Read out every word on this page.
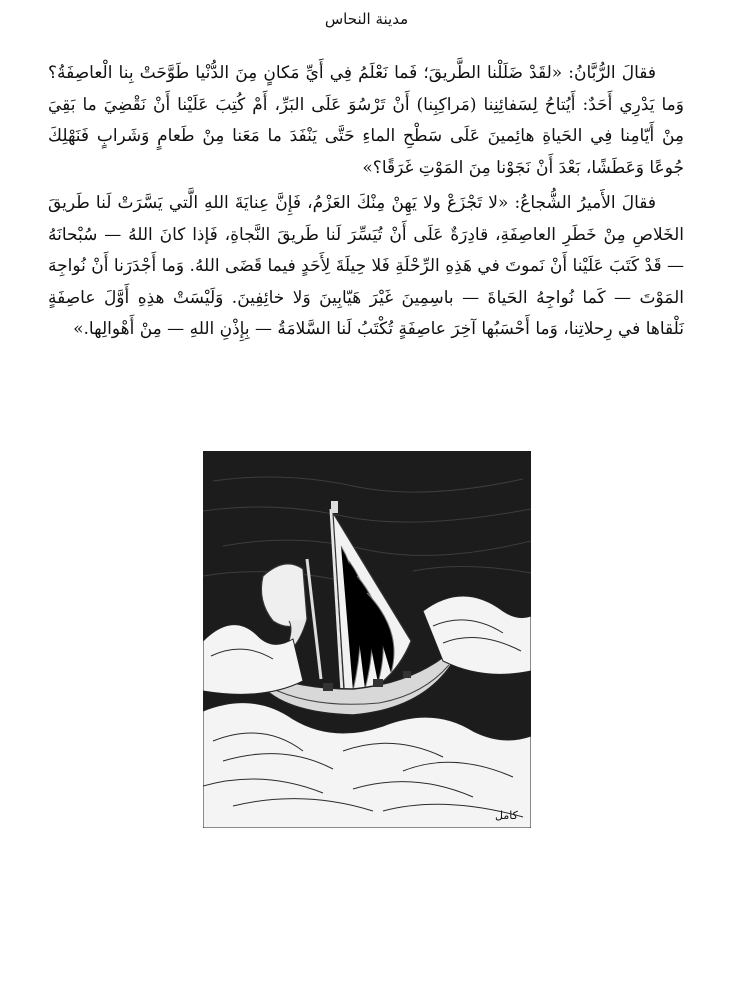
مدينة النحاس

فقالَ الرُّبَّانُ: «لقَدْ ضَلَلْنا الطَّريقَ؛ فَما نَعْلَمُ فِي أَيِّ مَكانٍ مِنَ الدُّنْيا طَوَّحَتْ بِنا الْعاصِفَةُ؟ وَما يَدْرِي أَحَدٌ: أَيُتاحُ لِسَفائِنِنا (مَراكِبِنا) أَنْ تَرْسُوَ عَلَى البَرِّ، أَمْ كُتِبَ عَلَيْنا أَنْ نَقْضِيَ ما بَقِيَ مِنْ أَيّامِنا فِي الحَياةِ هائِمينَ عَلَى سَطْحِ الماءِ حَتَّى يَنْفَدَ ما مَعَنا مِنْ طَعامٍ وَشَرابٍ فَنَهْلِكَ جُوعًا وَعَطَشًا، بَعْدَ أَنْ نَجَوْنا مِنَ المَوْتِ غَرَقًا؟»

فقالَ الأَميرُ الشُّجاعُ: «لا تَجْزَعْ ولا يَهِنْ مِنْكَ العَزْمُ، فَإِنَّ عِنايَةَ اللهِ الَّتي يَسَّرَتْ لَنا طَريقَ الخَلاصِ مِنْ خَطَرِ العاصِفَةِ، قادِرَةٌ عَلَى أَنْ تُيَسِّرَ لَنا طَريقَ النَّجاةِ، فَإذا كانَ اللهُ — سُبْحانَهُ — قَدْ كَتَبَ عَلَيْنا أَنْ نَموتَ في هَذِهِ الرِّحْلَةِ فَلا حِيلَةَ لِأَحَدٍ فيما قَضَى اللهُ. وَما أَجْدَرَنا أَنْ نُواجِهَ المَوْتَ — كَما نُواجِهُ الحَياةَ — باسِمِينَ غَيْرَ هَيّابِينَ وَلا خائِفِينَ. وَلَيْسَتْ هذِهِ أَوَّلَ عاصِفَةٍ نَلْقاها في رِحلاتِنا، وَما أَحْسَبُها آخِرَ عاصِفَةٍ تُكْتَبُ لَنا السَّلامَةُ — بِإِذْنِ اللهِ — مِنْ أَهْوالِها.»

كامل
